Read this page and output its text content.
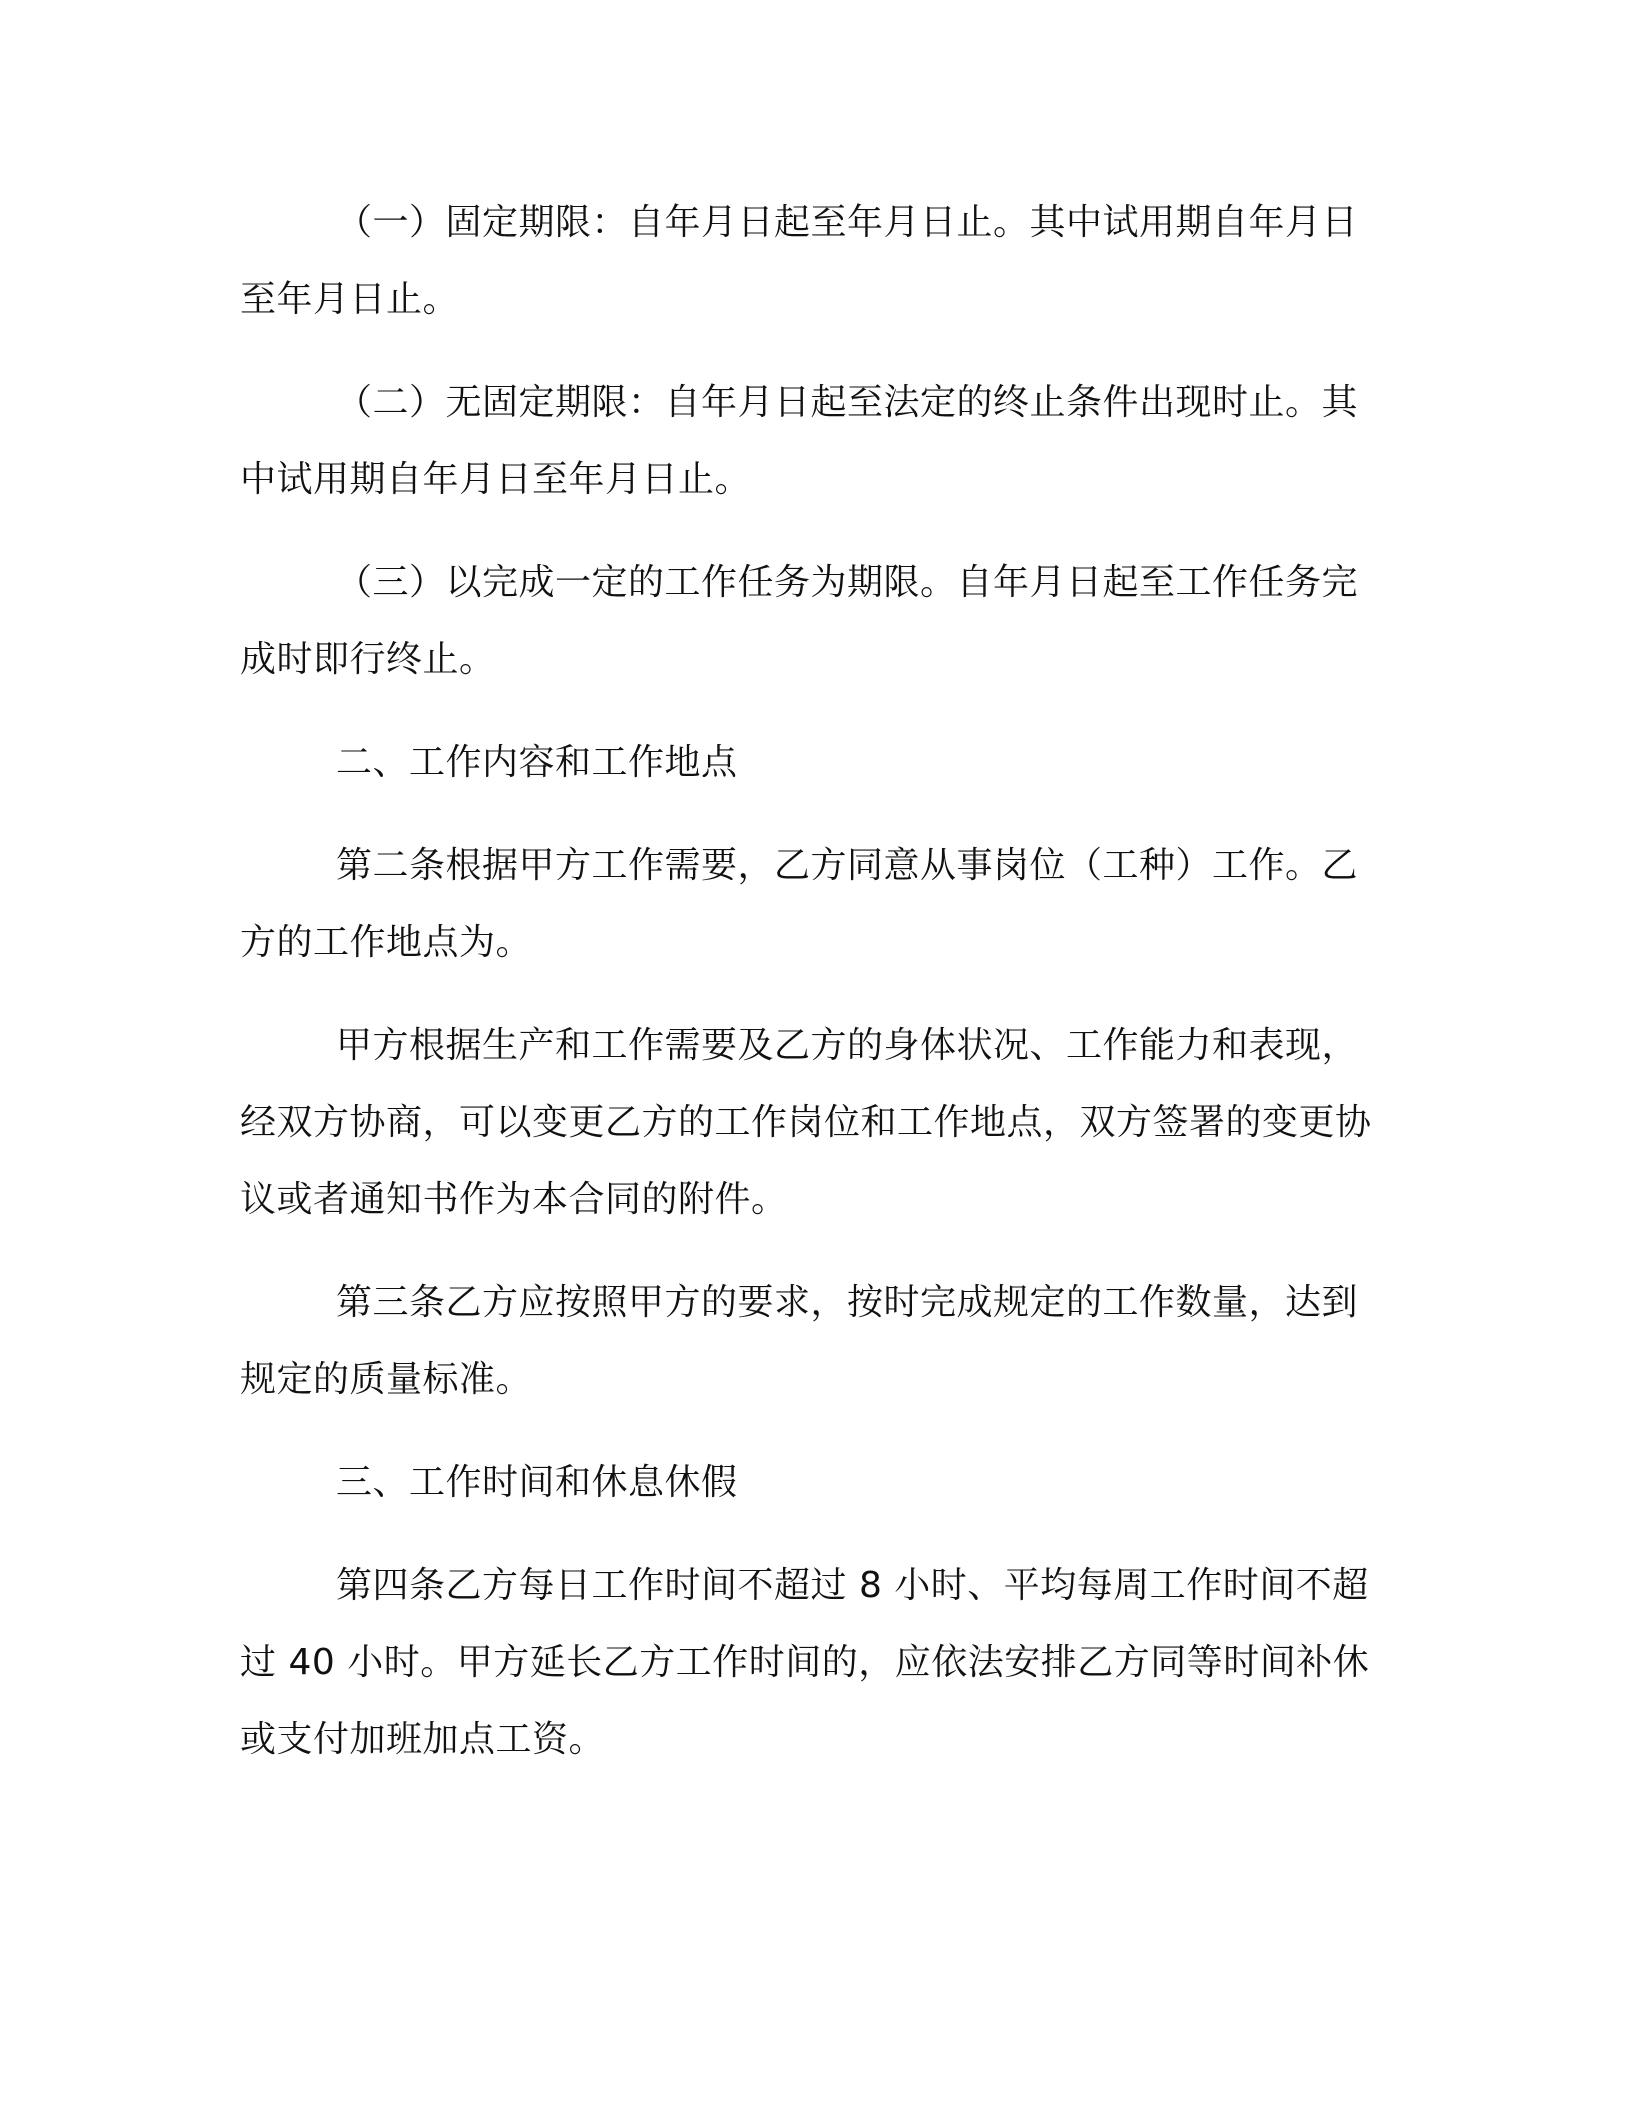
（一）固定期限：自年月日起至年月日止。其中试用期自年月日至年月日止。

（二）无固定期限：自年月日起至法定的终止条件出现时止。其中试用期自年月日至年月日止。

（三）以完成一定的工作任务为期限。自年月日起至工作任务完成时即行终止。

二、工作内容和工作地点

第二条根据甲方工作需要，乙方同意从事岗位（工种）工作。乙方的工作地点为。

甲方根据生产和工作需要及乙方的身体状况、工作能力和表现，经双方协商，可以变更乙方的工作岗位和工作地点，双方签署的变更协议或者通知书作为本合同的附件。

第三条乙方应按照甲方的要求，按时完成规定的工作数量，达到规定的质量标准。

三、工作时间和休息休假

第四条乙方每日工作时间不超过 8 小时、平均每周工作时间不超过 40 小时。甲方延长乙方工作时间的，应依法安排乙方同等时间补休或支付加班加点工资。
